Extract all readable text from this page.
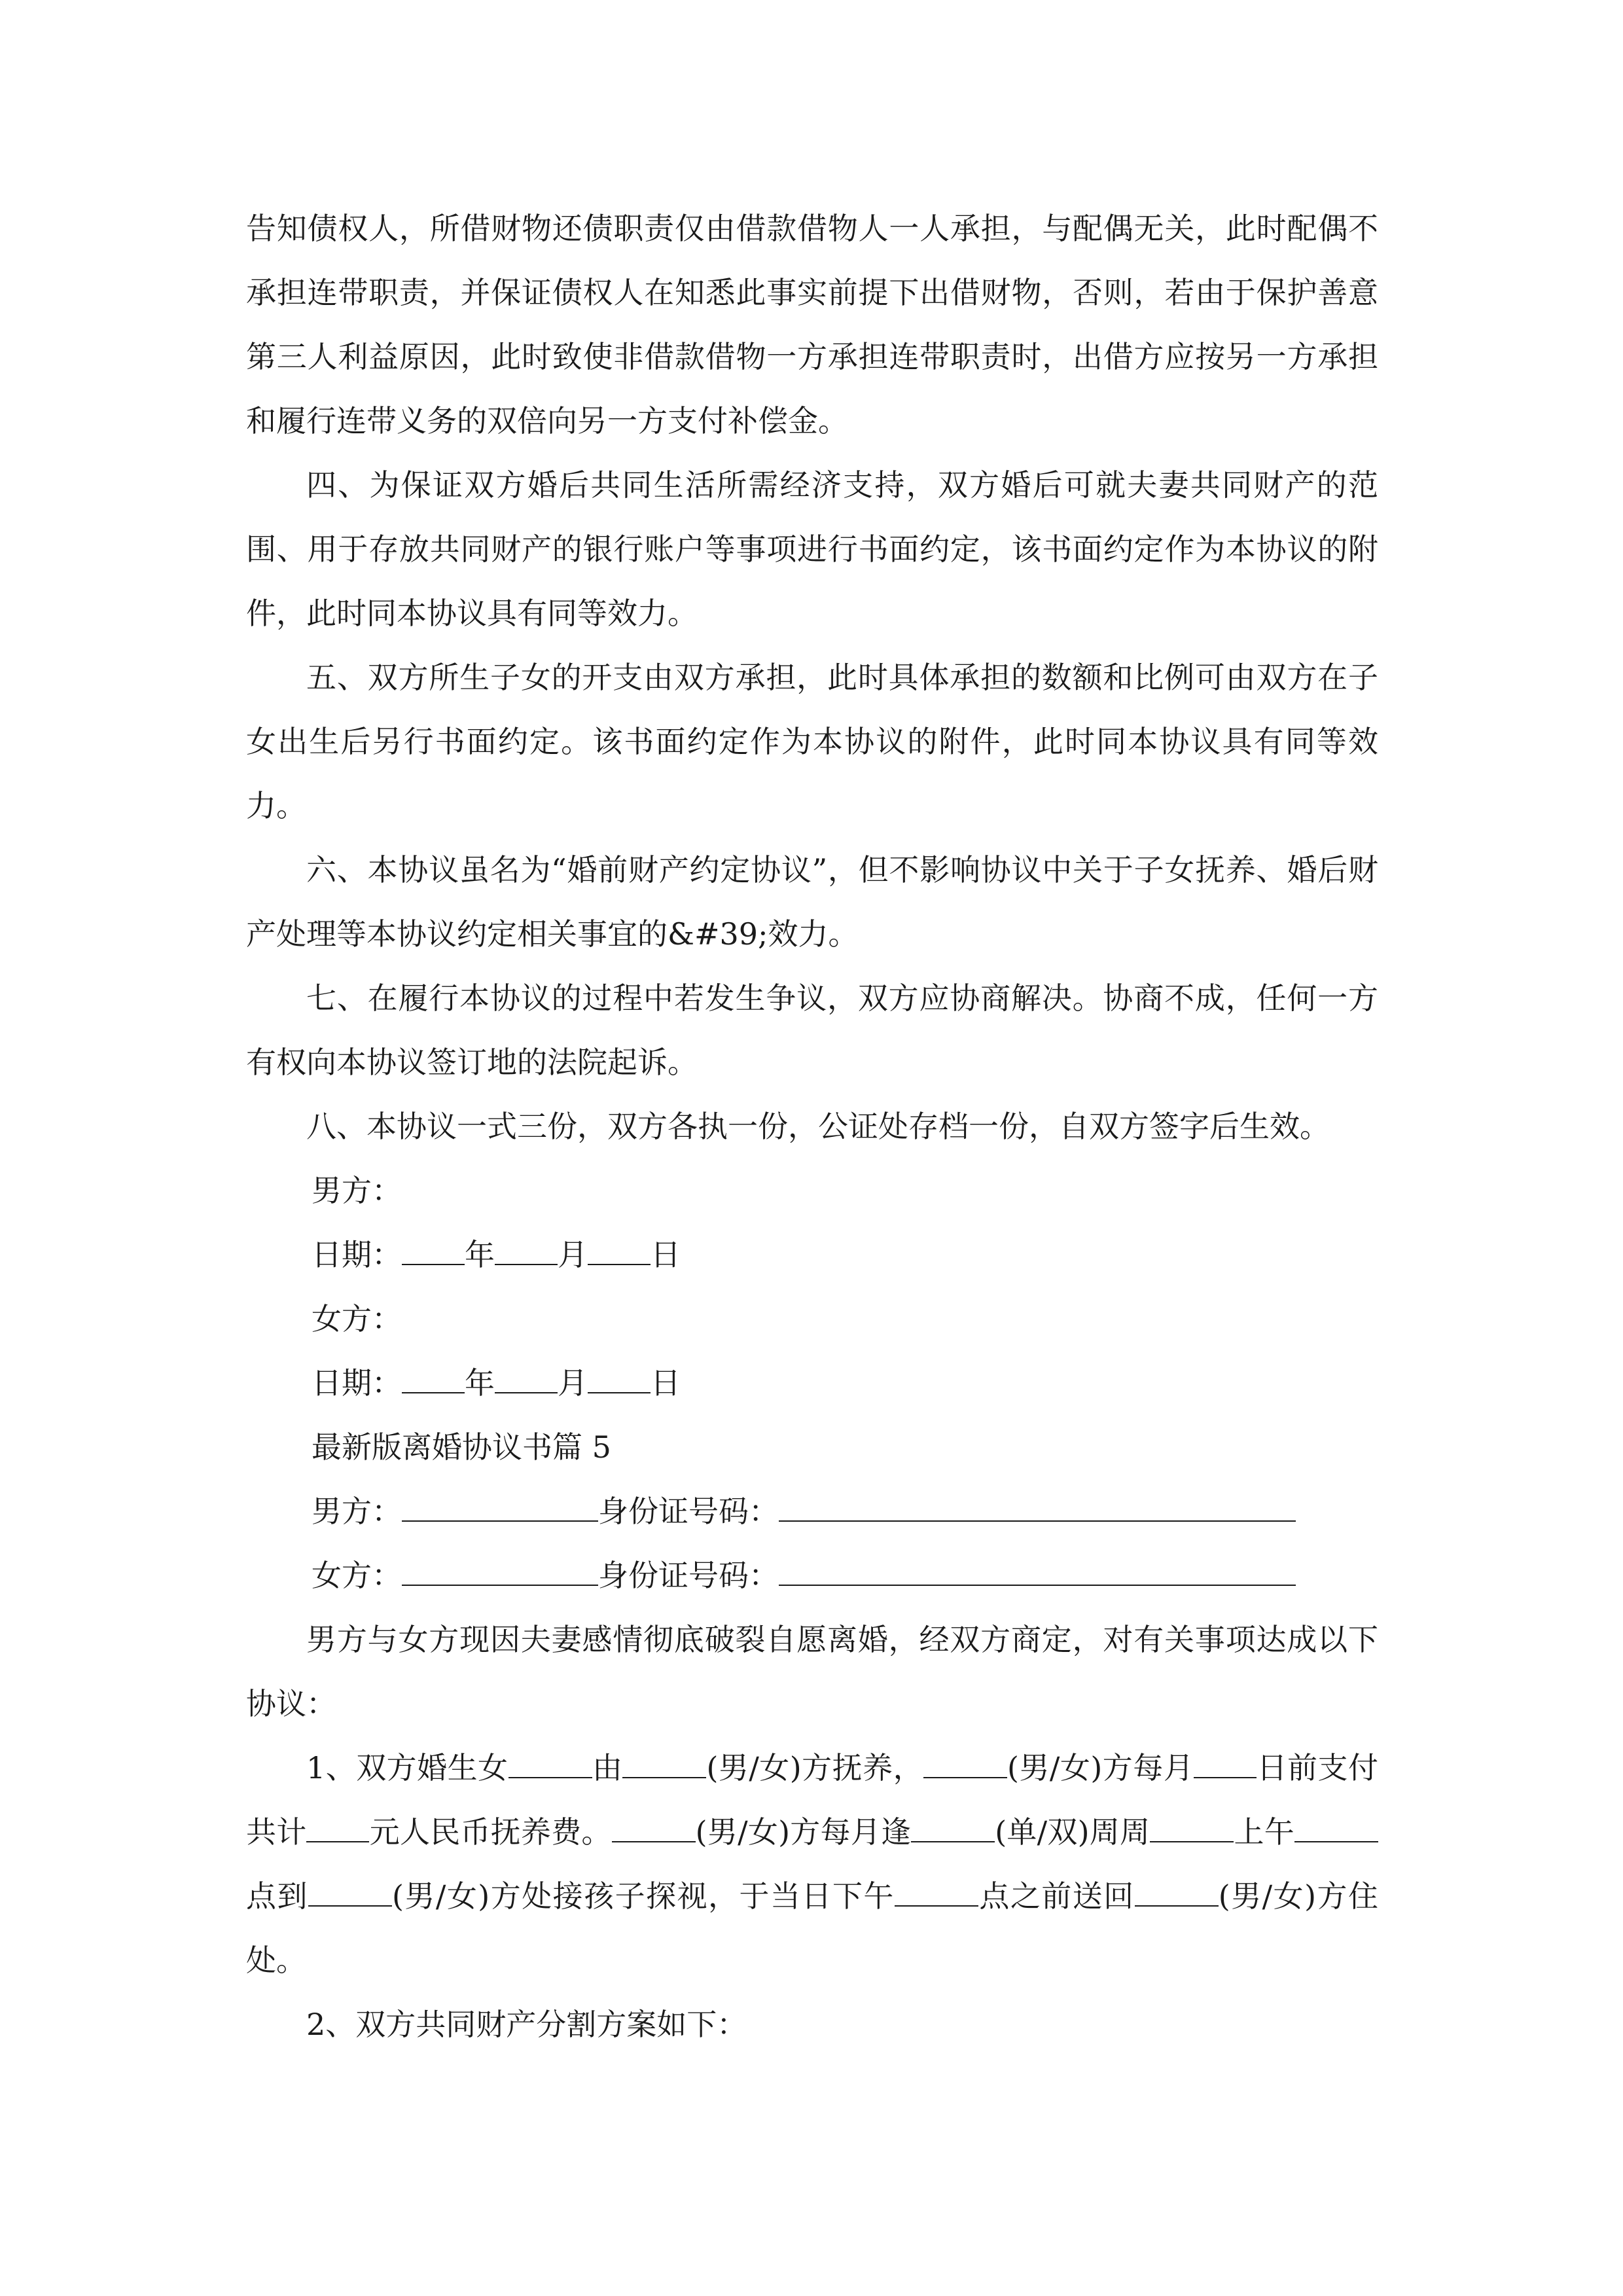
告知债权人，所借财物还债职责仅由借款借物人一人承担，与配偶无关，此时配偶不承担连带职责，并保证债权人在知悉此事实前提下出借财物，否则，若由于保护善意第三人利益原因，此时致使非借款借物一方承担连带职责时，出借方应按另一方承担和履行连带义务的双倍向另一方支付补偿金。

四、为保证双方婚后共同生活所需经济支持，双方婚后可就夫妻共同财产的范围、用于存放共同财产的银行账户等事项进行书面约定，该书面约定作为本协议的附件，此时同本协议具有同等效力。

五、双方所生子女的开支由双方承担，此时具体承担的数额和比例可由双方在子女出生后另行书面约定。该书面约定作为本协议的附件，此时同本协议具有同等效力。

六、本协议虽名为“婚前财产约定协议”，但不影响协议中关于子女抚养、婚后财产处理等本协议约定相关事宜的&#39;效力。

七、在履行本协议的过程中若发生争议，双方应协商解决。协商不成，任何一方有权向本协议签订地的法院起诉。

八、本协议一式三份，双方各执一份，公证处存档一份，自双方签字后生效。

男方：
日期： 年 月 日
女方：
日期： 年 月 日
最新版离婚协议书篇 5
男方：	身份证号码：
女方：	身份证号码：

男方与女方现因夫妻感情彻底破裂自愿离婚，经双方商定，对有关事项达成以下协议：

1、双方婚生女	由	(男/女)方抚养，	(男/女)方每月 日前支付共计 元人民币抚养费。	(男/女)方每月逢	(单/双)周周	上午点到	(男/女)方处接孩子探视，于当日下午	点之前送回	(男/女)方住处。

2、双方共同财产分割方案如下：
